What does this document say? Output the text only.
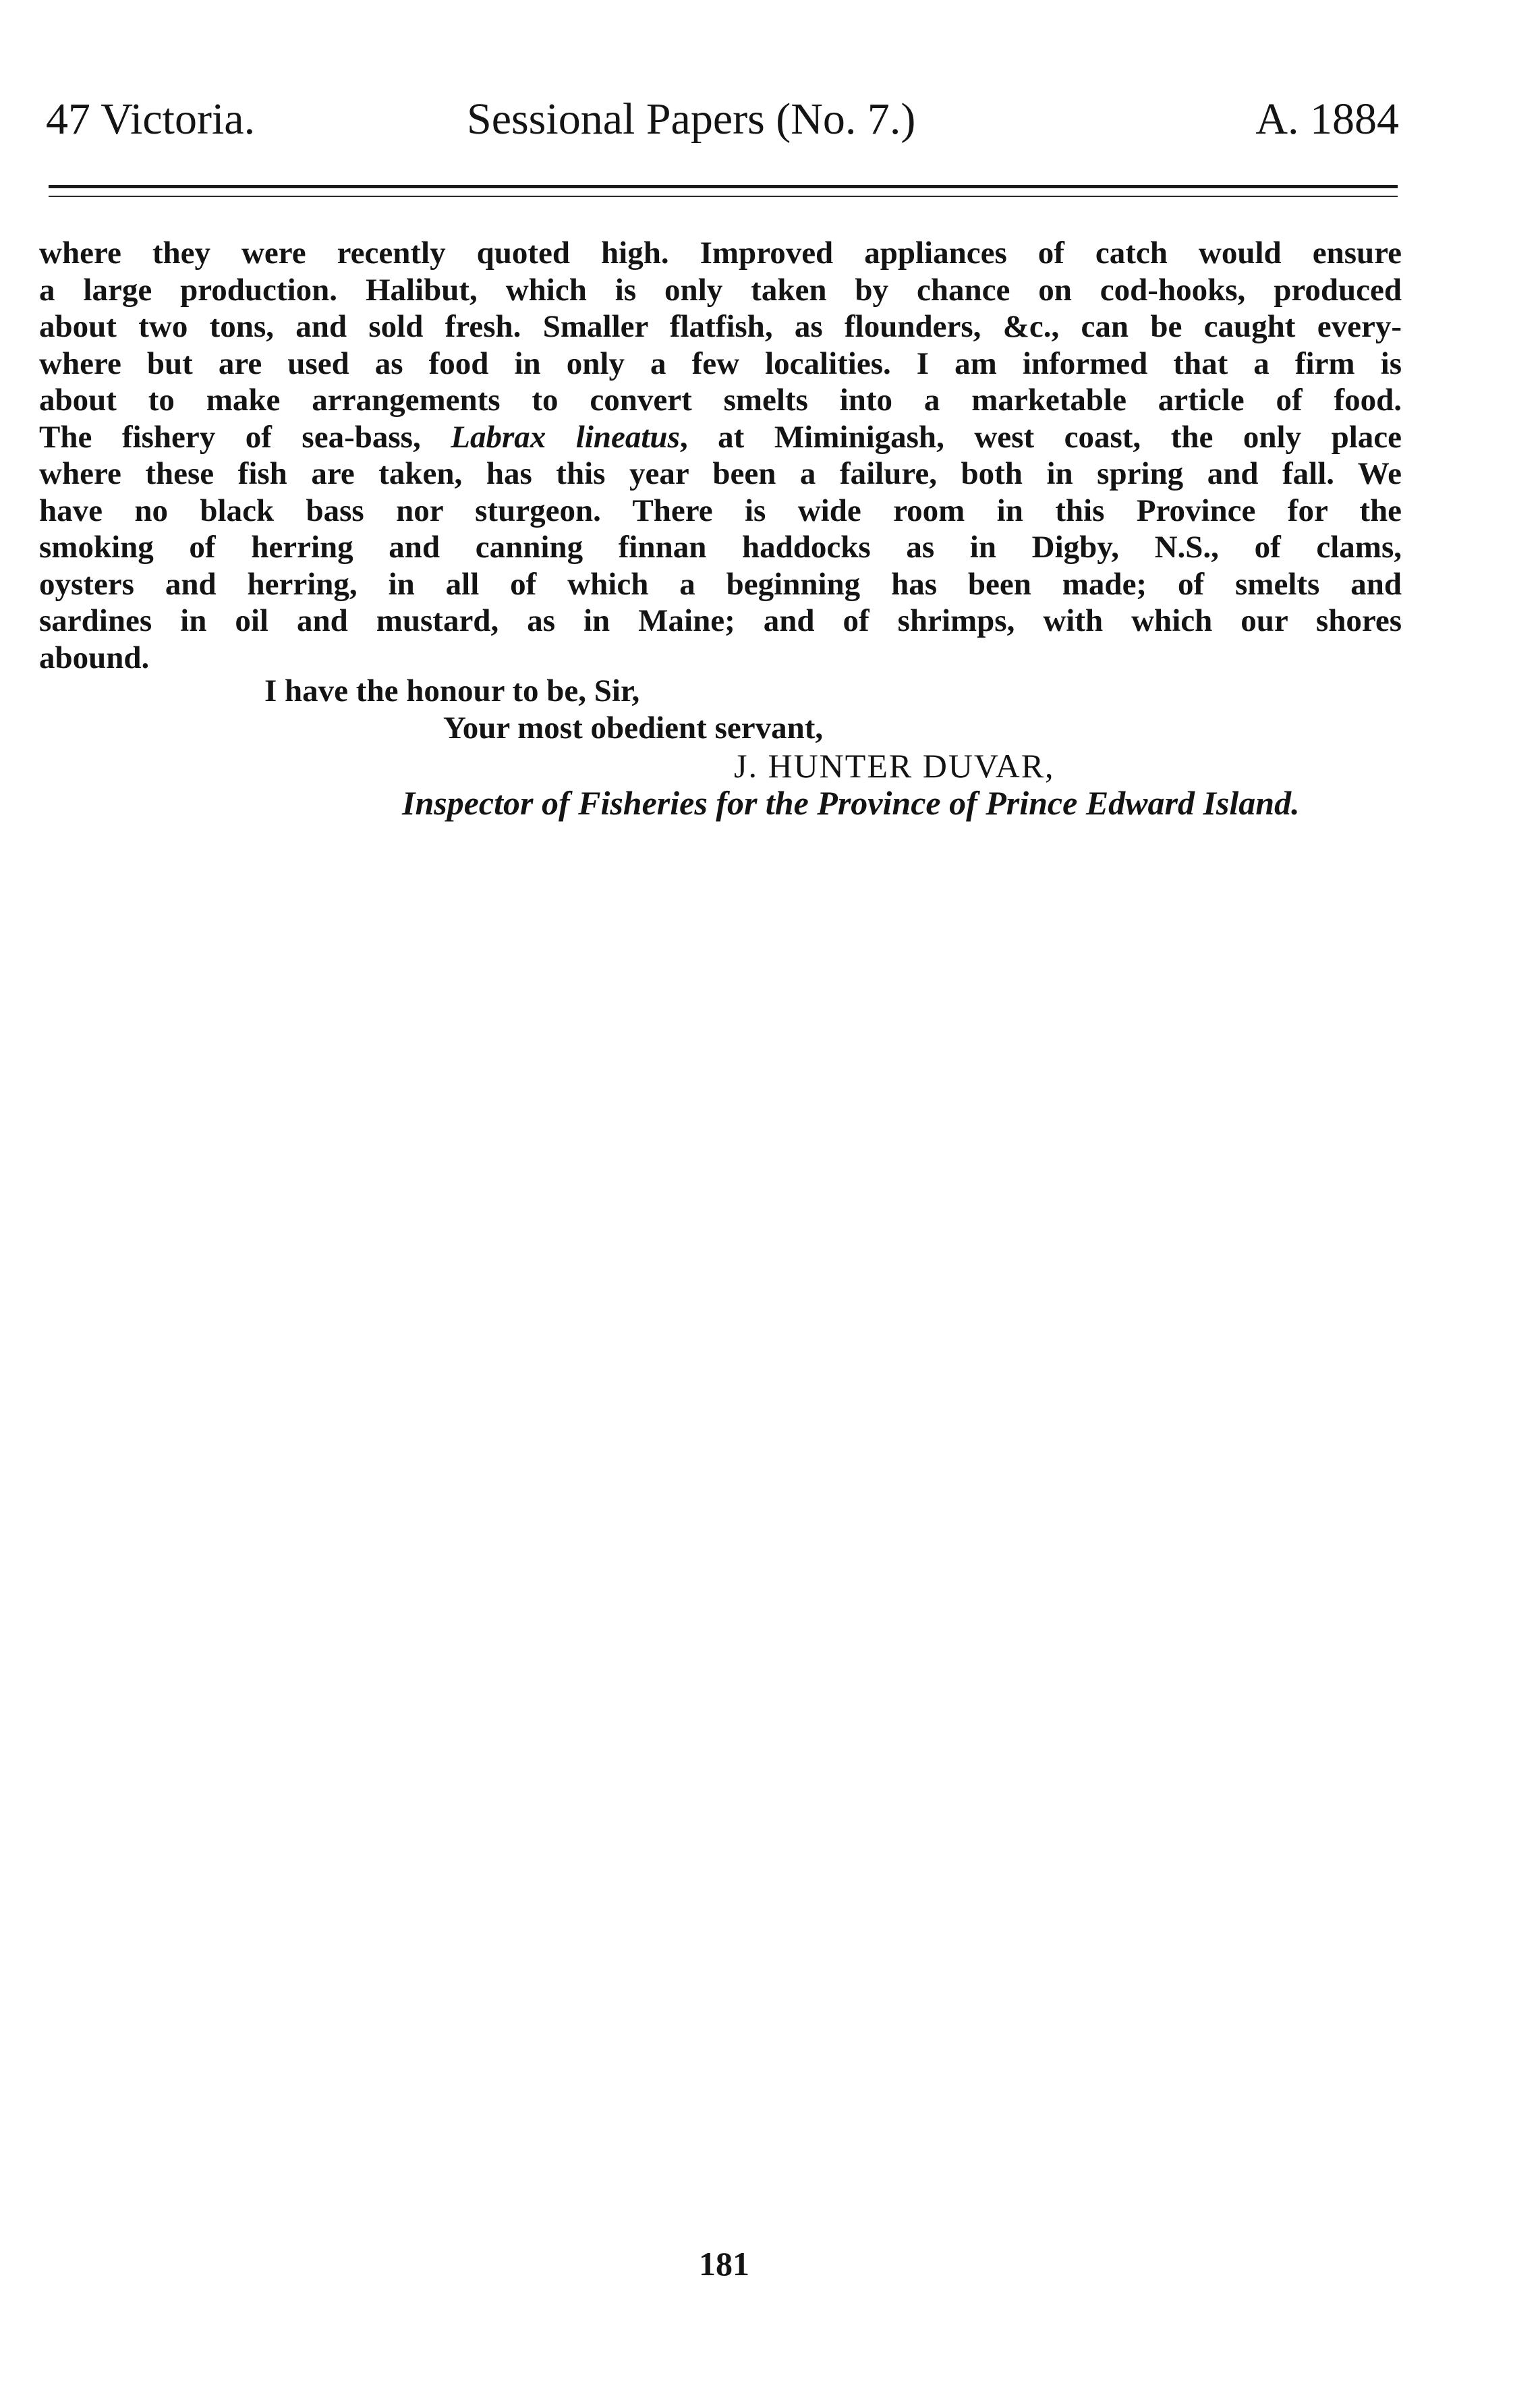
47 Victoria.	Sessional Papers (No. 7.)	A. 1884
where they were recently quoted high. Improved appliances of catch would ensure
a large production. Halibut, which is only taken by chance on cod-hooks, produced
about two tons, and sold fresh. Smaller flatfish, as flounders, &c., can be caught every-
where but are used as food in only a few localities. I am informed that a firm is
about to make arrangements to convert smelts into a marketable article of food.
The fishery of sea-bass, Labrax lineatus, at Miminigash, west coast, the only place
where these fish are taken, has this year been a failure, both in spring and fall. We
have no black bass nor sturgeon. There is wide room in this Province for the
smoking of herring and canning finnan haddocks as in Digby, N.S., of clams,
oysters and herring, in all of which a beginning has been made; of smelts and
sardines in oil and mustard, as in Maine; and of shrimps, with which our shores
abound.
I have the honour to be, Sir,
Your most obedient servant,
J. HUNTER DUVAR,
Inspector of Fisheries for the Province of Prince Edward Island.
181
